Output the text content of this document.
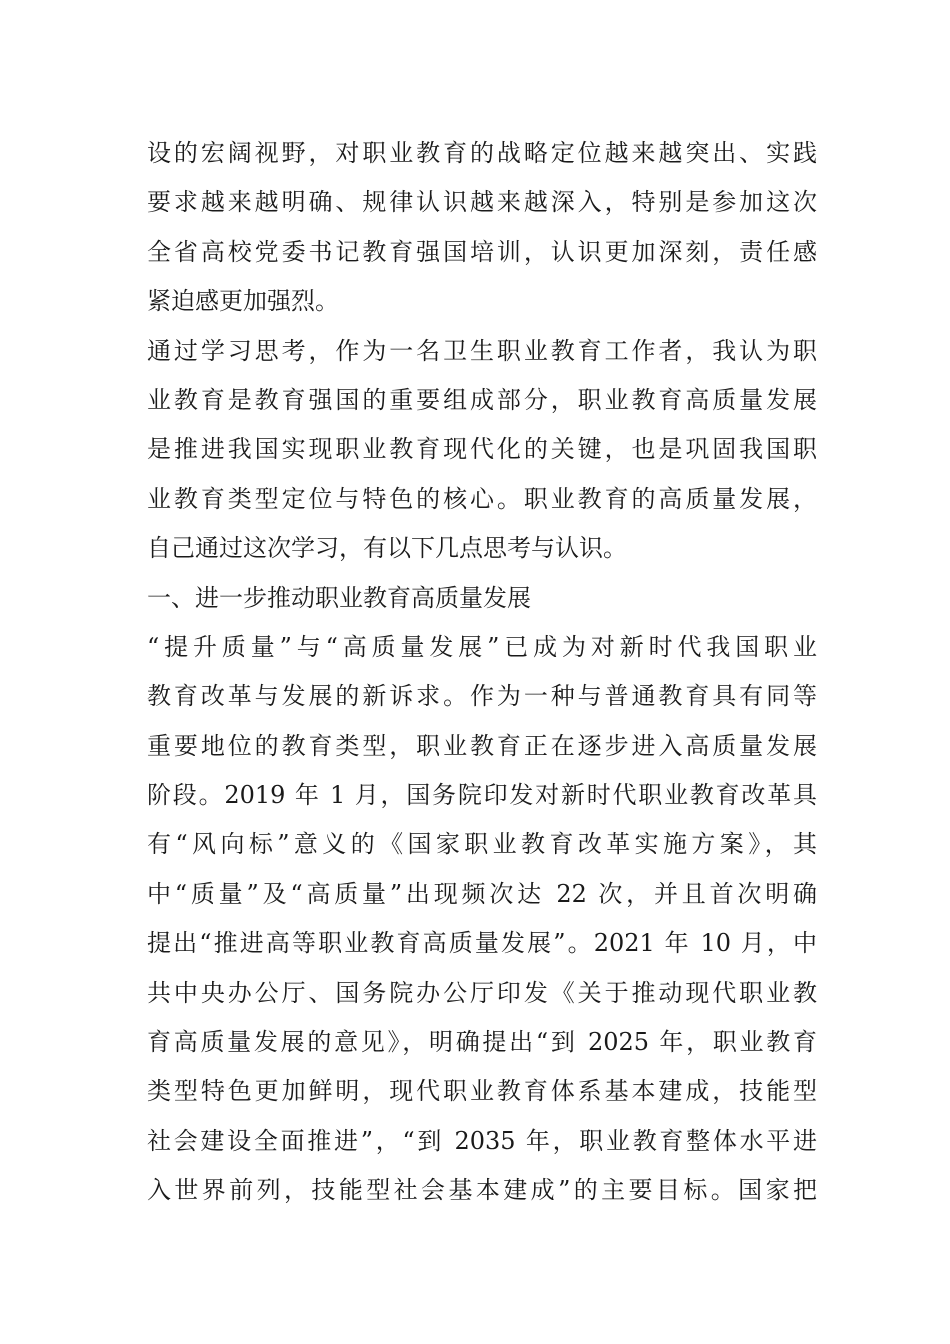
设的宏阔视野，对职业教育的战略定位越来越突出、实践
要求越来越明确、规律认识越来越深入，特别是参加这次
全省高校党委书记教育强国培训，认识更加深刻，责任感
紧迫感更加强烈。
通过学习思考，作为一名卫生职业教育工作者，我认为职
业教育是教育强国的重要组成部分，职业教育高质量发展
是推进我国实现职业教育现代化的关键，也是巩固我国职
业教育类型定位与特色的核心。职业教育的高质量发展，
自己通过这次学习，有以下几点思考与认识。
一、进一步推动职业教育高质量发展
“提升质量”与“高质量发展”已成为对新时代我国职业
教育改革与发展的新诉求。作为一种与普通教育具有同等
重要地位的教育类型，职业教育正在逐步进入高质量发展
阶段。2019 年 1 月，国务院印发对新时代职业教育改革具
有“风向标”意义的《国家职业教育改革实施方案》，其
中“质量”及“高质量”出现频次达 22 次，并且首次明确
提出“推进高等职业教育高质量发展”。2021 年 10 月，中
共中央办公厅、国务院办公厅印发《关于推动现代职业教
育高质量发展的意见》，明确提出“到 2025 年，职业教育
类型特色更加鲜明，现代职业教育体系基本建成，技能型
社会建设全面推进”，“到 2035 年，职业教育整体水平进
入世界前列，技能型社会基本建成”的主要目标。国家把
